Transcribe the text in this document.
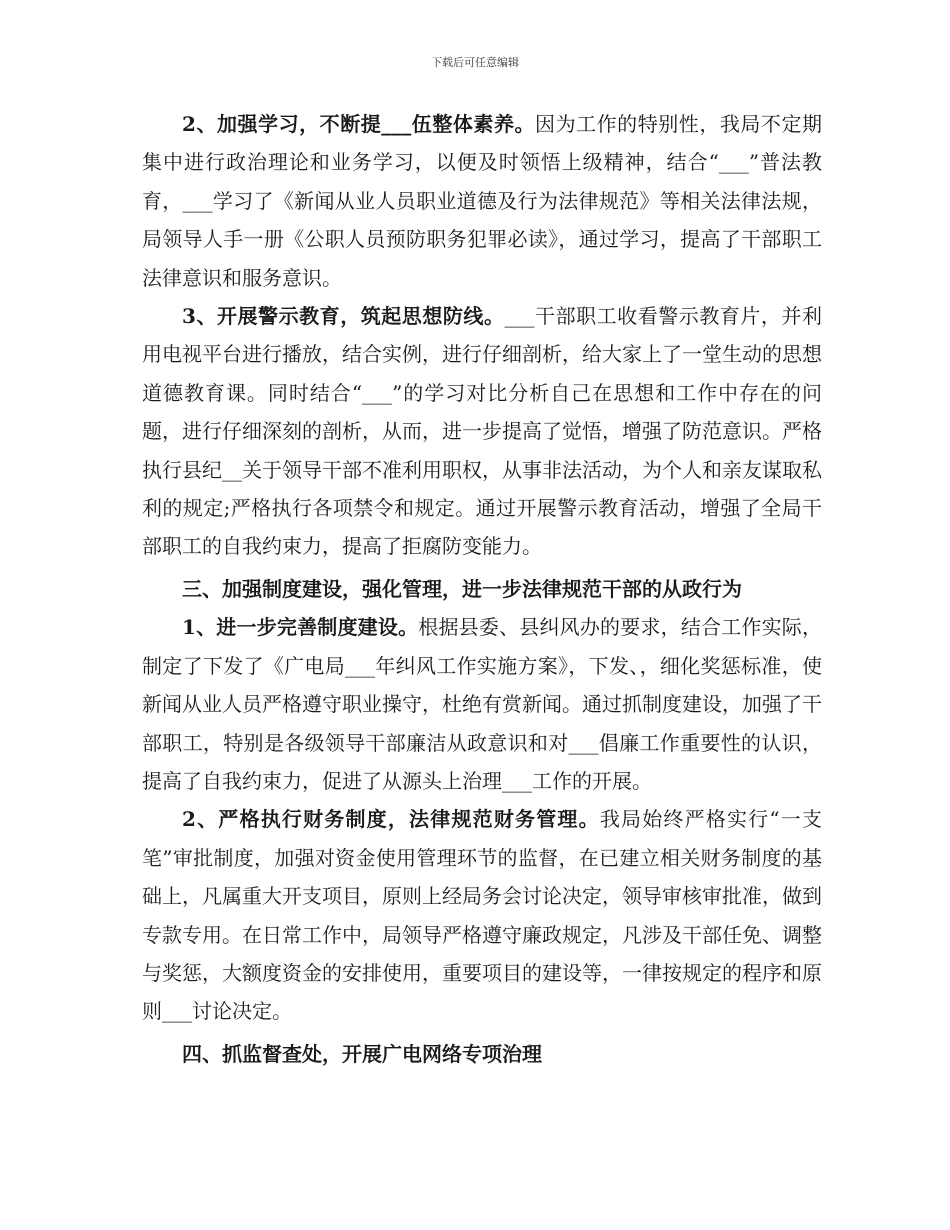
下载后可任意编辑

2、加强学习，不断提___伍整体素养。因为工作的特别性，我局不定期集中进行政治理论和业务学习，以便及时领悟上级精神，结合“___”普法教育，___学习了《新闻从业人员职业道德及行为法律规范》等相关法律法规，局领导人手一册《公职人员预防职务犯罪必读》，通过学习，提高了干部职工法律意识和服务意识。

3、开展警示教育，筑起思想防线。___干部职工收看警示教育片，并利用电视平台进行播放，结合实例，进行仔细剖析，给大家上了一堂生动的思想道德教育课。同时结合“___”的学习对比分析自己在思想和工作中存在的问题，进行仔细深刻的剖析，从而，进一步提高了觉悟，增强了防范意识。严格执行县纪__关于领导干部不准利用职权，从事非法活动，为个人和亲友谋取私利的规定;严格执行各项禁令和规定。通过开展警示教育活动，增强了全局干部职工的自我约束力，提高了拒腐防变能力。

三、加强制度建设，强化管理，进一步法律规范干部的从政行为

1、进一步完善制度建设。根据县委、县纠风办的要求，结合工作实际，制定了下发了《广电局___年纠风工作实施方案》，下发、，细化奖惩标准，使新闻从业人员严格遵守职业操守，杜绝有赏新闻。通过抓制度建设，加强了干部职工，特别是各级领导干部廉洁从政意识和对___倡廉工作重要性的认识，提高了自我约束力，促进了从源头上治理___工作的开展。

2、严格执行财务制度，法律规范财务管理。我局始终严格实行“一支笔”审批制度，加强对资金使用管理环节的监督，在已建立相关财务制度的基础上，凡属重大开支项目，原则上经局务会讨论决定，领导审核审批准，做到专款专用。在日常工作中，局领导严格遵守廉政规定，凡涉及干部任免、调整与奖惩，大额度资金的安排使用，重要项目的建设等，一律按规定的程序和原则___讨论决定。

四、抓监督查处，开展广电网络专项治理
